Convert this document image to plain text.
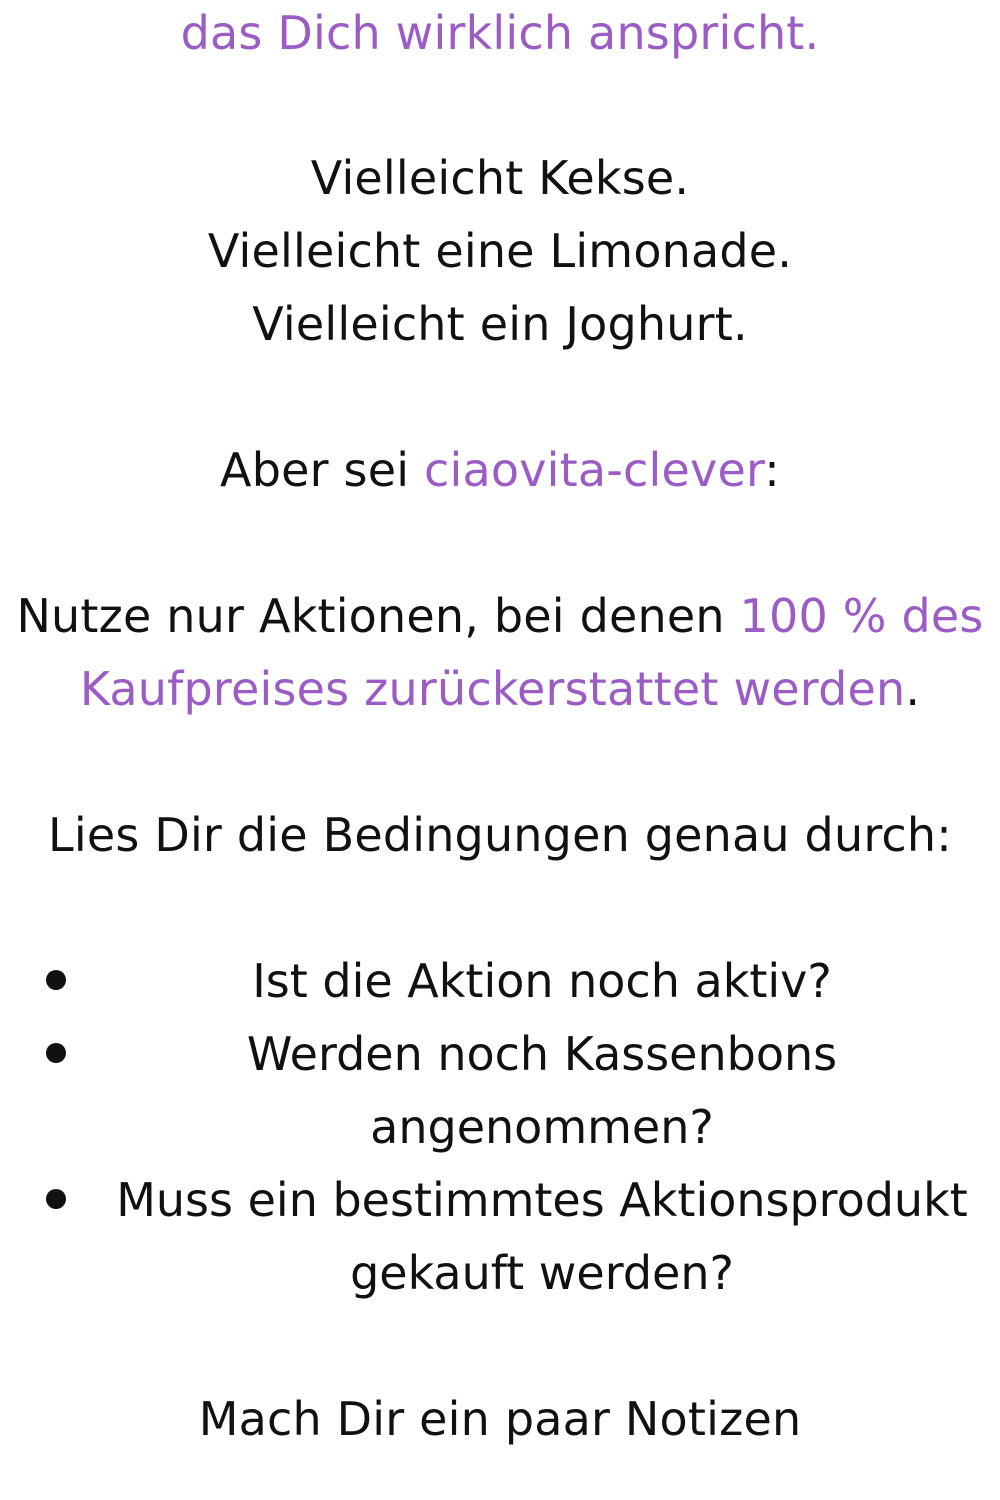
das Dich wirklich anspricht.
Vielleicht Kekse.
Vielleicht eine Limonade.
Vielleicht ein Joghurt.
Aber sei ciaovita-clever:
Nutze nur Aktionen, bei denen 100 % des
Kaufpreises zurückerstattet werden.
Lies Dir die Bedingungen genau durch:
Ist die Aktion noch aktiv?
Werden noch Kassenbons
angenommen?
Muss ein bestimmtes Aktionsprodukt
gekauft werden?
Mach Dir ein paar Notizen
